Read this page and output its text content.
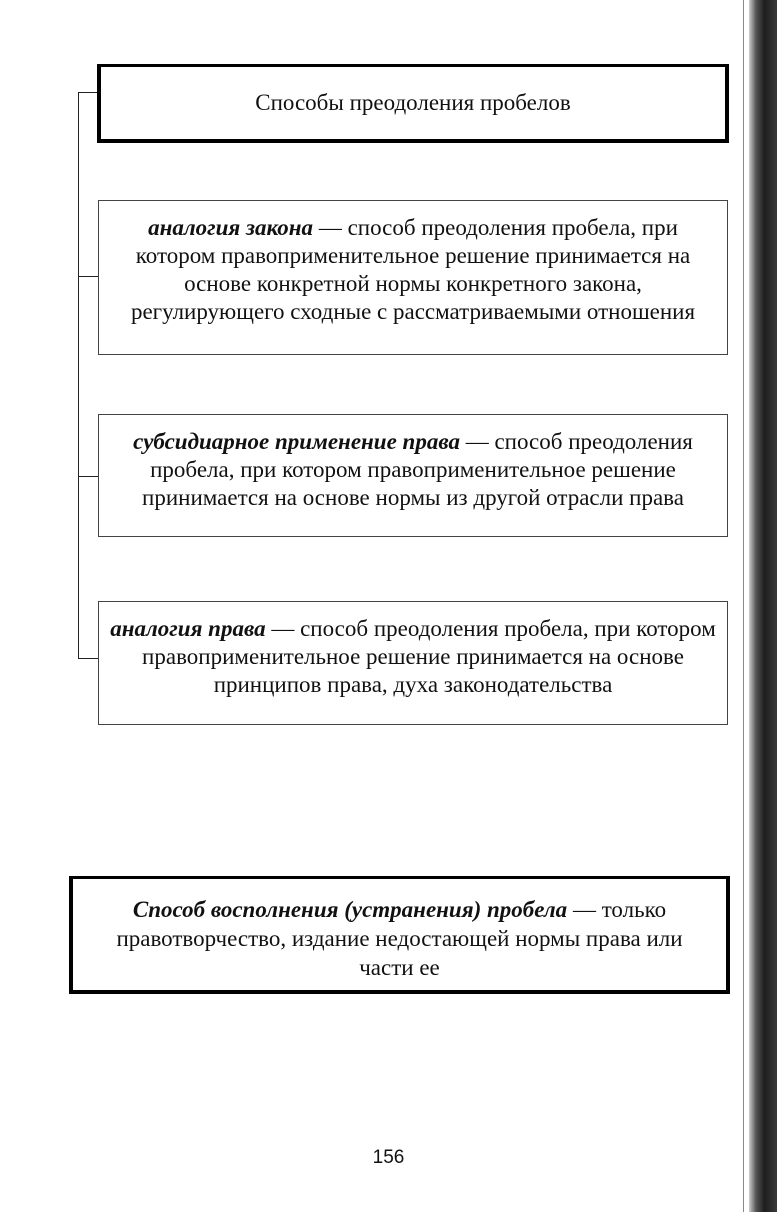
Способы преодоления пробелов
аналогия закона — способ преодоления пробела, при котором правоприменительное решение принимается на основе конкретной нормы конкретного закона, регулирующего сходные с рассматриваемыми отношения
субсидиарное применение права — способ преодоления пробела, при котором правоприменительное решение принимается на основе нормы из другой отрасли права
аналогия права — способ преодоления пробела, при котором правоприменительное решение принимается на основе принципов права, духа законодательства
Способ восполнения (устранения) пробела — только правотворчество, издание недостающей нормы права или части ее
156
